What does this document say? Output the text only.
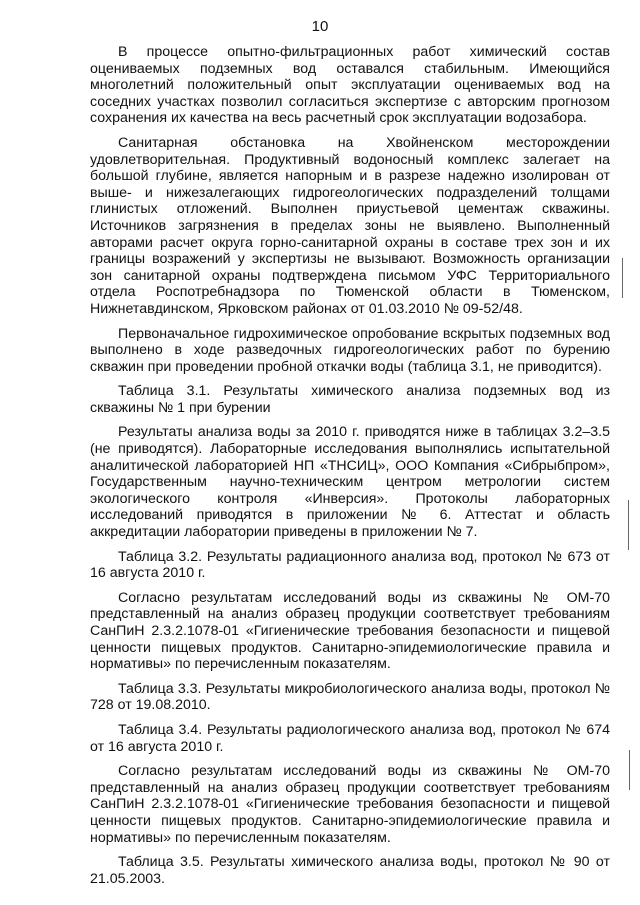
10

В процессе опытно-фильтрационных работ химический состав оцениваемых подземных вод оставался стабильным. Имеющийся многолетний положительный опыт эксплуатации оцениваемых вод на соседних участках позволил согласиться экспертизе с авторским прогнозом сохранения их качества на весь расчетный срок эксплуатации водозабора.

Санитарная обстановка на Хвойненском месторождении удовлетворительная. Продуктивный водоносный комплекс залегает на большой глубине, является напорным и в разрезе надежно изолирован от выше- и нижезалегающих гидрогеологических подразделений толщами глинистых отложений. Выполнен приустьевой цементаж скважины. Источников загрязнения в пределах зоны не выявлено. Выполненный авторами расчет округа горно-санитарной охраны в составе трех зон и их границы возражений у экспертизы не вызывают. Возможность организации зон санитарной охраны подтверждена письмом УФС Территориального отдела Роспотребнадзора по Тюменской области в Тюменском, Нижнетавдинском, Ярковском районах от 01.03.2010 № 09-52/48.

Первоначальное гидрохимическое опробование вскрытых подземных вод выполнено в ходе разведочных гидрогеологических работ по бурению скважин при проведении пробной откачки воды (таблица 3.1, не приводится).

Таблица 3.1. Результаты химического анализа подземных вод из скважины № 1 при бурении

Результаты анализа воды за 2010 г. приводятся ниже в таблицах 3.2–3.5 (не приводятся). Лабораторные исследования выполнялись испытательной аналитической лабораторией НП «ТНСИЦ», ООО Компания «Сибрыбпром», Государственным научно-техническим центром метрологии систем экологического контроля «Инверсия». Протоколы лабораторных исследований приводятся в приложении № 6. Аттестат и область аккредитации лаборатории приведены в приложении № 7.

Таблица 3.2. Результаты радиационного анализа вод, протокол № 673 от 16 августа 2010 г.

Согласно результатам исследований воды из скважины № ОМ-70 представленный на анализ образец продукции соответствует требованиям СанПиН 2.3.2.1078-01 «Гигиенические требования безопасности и пищевой ценности пищевых продуктов. Санитарно-эпидемиологические правила и нормативы» по перечисленным показателям.

Таблица 3.3. Результаты микробиологического анализа воды, протокол № 728 от 19.08.2010.

Таблица 3.4. Результаты радиологического анализа вод, протокол № 674 от 16 августа 2010 г.

Согласно результатам исследований воды из скважины № ОМ-70 представленный на анализ образец продукции соответствует требованиям СанПиН 2.3.2.1078-01 «Гигиенические требования безопасности и пищевой ценности пищевых продуктов. Санитарно-эпидемиологические правила и нормативы» по перечисленным показателям.

Таблица 3.5. Результаты химического анализа воды, протокол № 90 от 21.05.2003.
